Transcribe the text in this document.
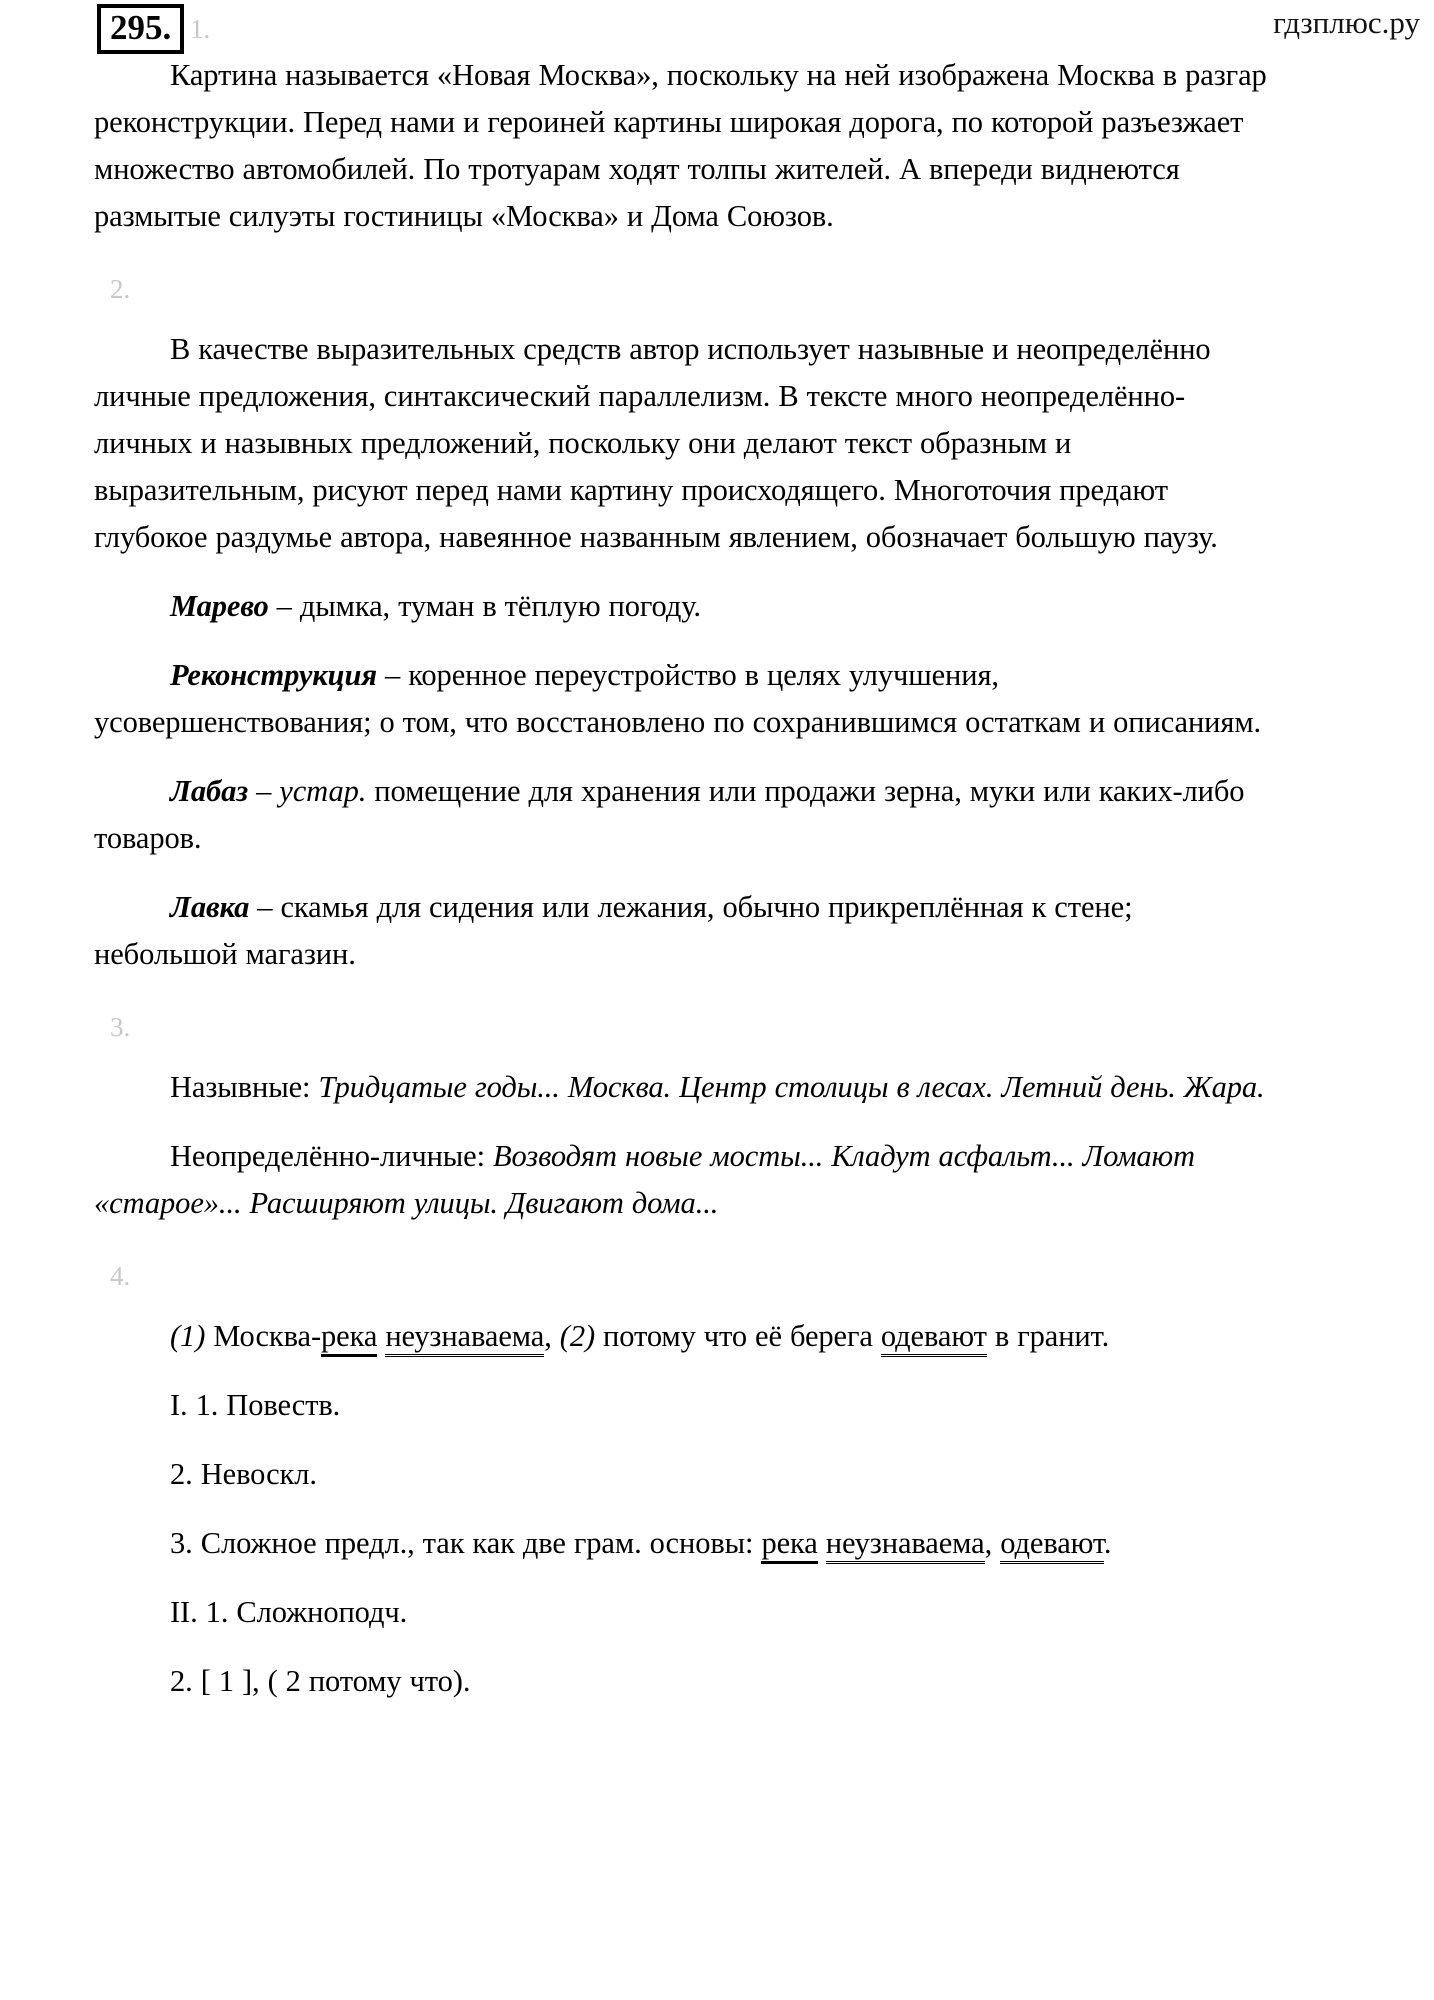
295. 1.	гдзплюс.ру

Картина называется «Новая Москва», поскольку на ней изображена Москва в разгар реконструкции. Перед нами и героиней картины широкая дорога, по которой разъезжает множество автомобилей. По тротуарам ходят толпы жителей. А впереди виднеются размытые силуэты гостиницы «Москва» и Дома Союзов.

2.

В качестве выразительных средств автор использует назывные и неопределённо личные предложения, синтаксический параллелизм. В тексте много неопределённо-личных и назывных предложений, поскольку они делают текст образным и выразительным, рисуют перед нами картину происходящего. Многоточия предают глубокое раздумье автора, навеянное названным явлением, обозначает большую паузу.

Марево – дымка, туман в тёплую погоду.

Реконструкция – коренное переустройство в целях улучшения, усовершенствования; о том, что восстановлено по сохранившимся остаткам и описаниям.

Лабаз – устар. помещение для хранения или продажи зерна, муки или каких-либо товаров.

Лавка – скамья для сидения или лежания, обычно прикреплённая к стене; небольшой магазин.

3.

Назывные: Тридцатые годы... Москва. Центр столицы в лесах. Летний день. Жара.

Неопределённо-личные: Возводят новые мосты... Кладут асфальт... Ломают «старое»... Расширяют улицы. Двигают дома...

4.

(1) Москва-река неузнаваема, (2) потому что её берега одевают в гранит.

I. 1. Повеств.

2. Невоскл.

3. Сложное предл., так как две грам. основы: река неузнаваема, одевают.

II. 1. Сложноподч.

2. [ 1 ], ( 2 потому что).
